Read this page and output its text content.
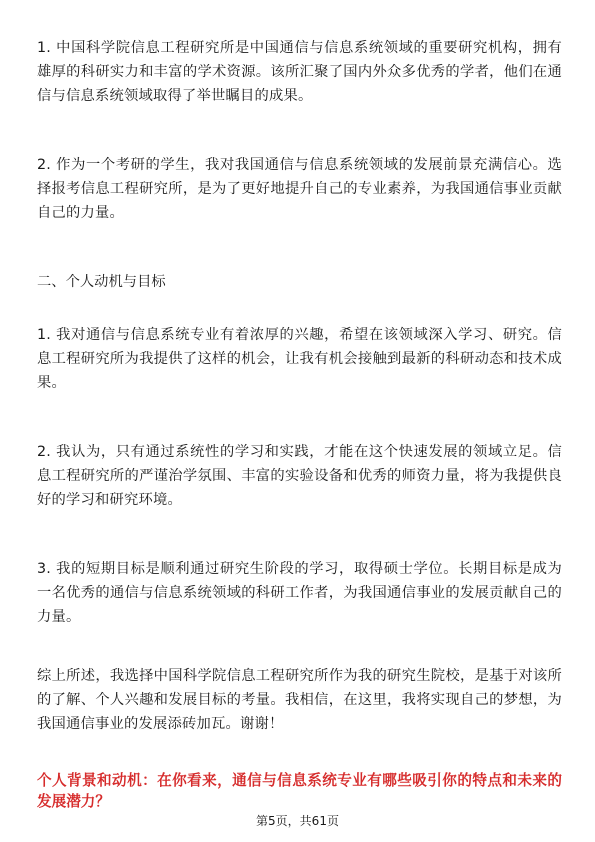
1. 中国科学院信息工程研究所是中国通信与信息系统领域的重要研究机构，拥有雄厚的科研实力和丰富的学术资源。该所汇聚了国内外众多优秀的学者，他们在通信与信息系统领域取得了举世瞩目的成果。

2. 作为一个考研的学生，我对我国通信与信息系统领域的发展前景充满信心。选择报考信息工程研究所，是为了更好地提升自己的专业素养，为我国通信事业贡献自己的力量。

二、个人动机与目标

1. 我对通信与信息系统专业有着浓厚的兴趣，希望在该领域深入学习、研究。信息工程研究所为我提供了这样的机会，让我有机会接触到最新的科研动态和技术成果。

2. 我认为，只有通过系统性的学习和实践，才能在这个快速发展的领域立足。信息工程研究所的严谨治学氛围、丰富的实验设备和优秀的师资力量，将为我提供良好的学习和研究环境。

3. 我的短期目标是顺利通过研究生阶段的学习，取得硕士学位。长期目标是成为一名优秀的通信与信息系统领域的科研工作者，为我国通信事业的发展贡献自己的力量。

综上所述，我选择中国科学院信息工程研究所作为我的研究生院校，是基于对该所的了解、个人兴趣和发展目标的考量。我相信，在这里，我将实现自己的梦想，为我国通信事业的发展添砖加瓦。谢谢！

个人背景和动机：在你看来，通信与信息系统专业有哪些吸引你的特点和未来的发展潜力？

第5页，共61页
